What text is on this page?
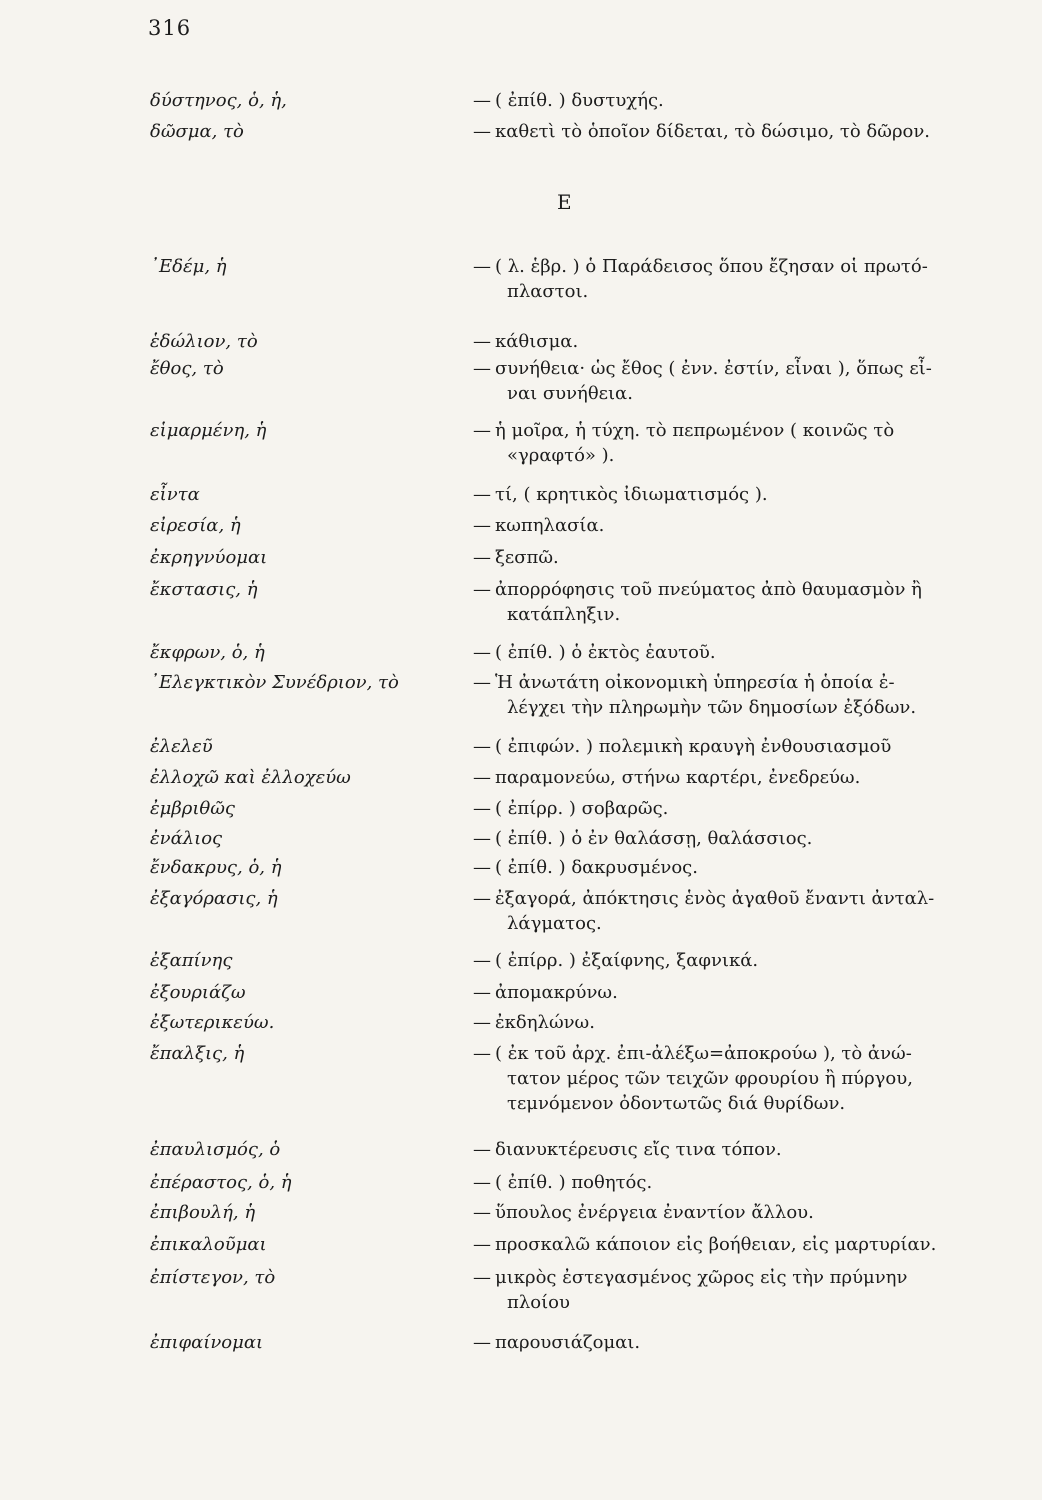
316
Ε
δύστηνος, ὁ, ἡ,	— ( ἐπίθ. ) δυστυχής.
δῶσμα, τὸ	— καθετὶ τὸ ὁποῖον δίδεται, τὸ δώσιμο, τὸ δῶρον.
᾿Εδέμ, ἡ	— ( λ. ἑβρ. ) ὁ Παράδεισος ὅπου ἔζησαν οἱ πρωτό-
πλαστοι.
ἑδώλιον, τὸ	— κάθισμα.
ἔθος, τὸ	— συνήθεια· ὡς ἔθος ( ἐνν. ἐστίν, εἶναι ), ὅπως εἶ-
ναι συνήθεια.
εἱμαρμένη, ἡ	— ἡ μοῖρα, ἡ τύχη. τὸ πεπρωμένον ( κοινῶς τὸ
«γραφτό» ).
εἶντα	— τί, ( κρητικὸς ἰδιωματισμός ).
εἰρεσία, ἡ	— κωπηλασία.
ἐκρηγνύομαι	— ξεσπῶ.
ἔκστασις, ἡ	— ἀπορρόφησις τοῦ πνεύματος ἀπὸ θαυμασμὸν ἢ
κατάπληξιν.
ἔκφρων, ὁ, ἡ	— ( ἐπίθ. ) ὁ ἐκτὸς ἑαυτοῦ.
᾿Ελεγκτικὸν Συνέδριον, τὸ	— Ἡ ἀνωτάτη οἰκονομικὴ ὑπηρεσία ἡ ὁποία ἐ-
λέγχει τὴν πληρωμὴν τῶν δημοσίων ἐξόδων.
ἐλελεῦ	— ( ἐπιφών. ) πολεμικὴ κραυγὴ ἐνθουσιασμοῦ
ἐλλοχῶ καὶ ἐλλοχεύω	— παραμονεύω, στήνω καρτέρι, ἐνεδρεύω.
ἐμβριθῶς	— ( ἐπίρρ. ) σοβαρῶς.
ἐνάλιος	— ( ἐπίθ. ) ὁ ἐν θαλάσσῃ, θαλάσσιος.
ἔνδακρυς, ὁ, ἡ	— ( ἐπίθ. ) δακρυσμένος.
ἐξαγόρασις, ἡ	— ἐξαγορά, ἀπόκτησις ἑνὸς ἀγαθοῦ ἔναντι ἀνταλ-
λάγματος.
ἐξαπίνης	— ( ἐπίρρ. ) ἐξαίφνης, ξαφνικά.
ἐξουριάζω	— ἀπομακρύνω.
ἐξωτερικεύω.	— ἐκδηλώνω.
ἔπαλξις, ἡ	— ( ἐκ τοῦ ἀρχ. ἐπι-ἀλέξω=ἀποκρούω ), τὸ ἀνώ-
τατον μέρος τῶν τειχῶν φρουρίου ἢ πύργου,
τεμνόμενον ὀδοντωτῶς διά θυρίδων.
ἐπαυλισμός, ὁ	— διανυκτέρευσις εἴς τινα τόπον.
ἐπέραστος, ὁ, ἡ	— ( ἐπίθ. ) ποθητός.
ἐπιβουλή, ἡ	— ὕπουλος ἐνέργεια ἐναντίον ἄλλου.
ἐπικαλοῦμαι	— προσκαλῶ κάποιον εἰς βοήθειαν, εἰς μαρτυρίαν.
ἐπίστεγον, τὸ	— μικρὸς ἐστεγασμένος χῶρος εἰς τὴν πρύμνην
πλοίου
ἐπιφαίνομαι	— παρουσιάζομαι.
